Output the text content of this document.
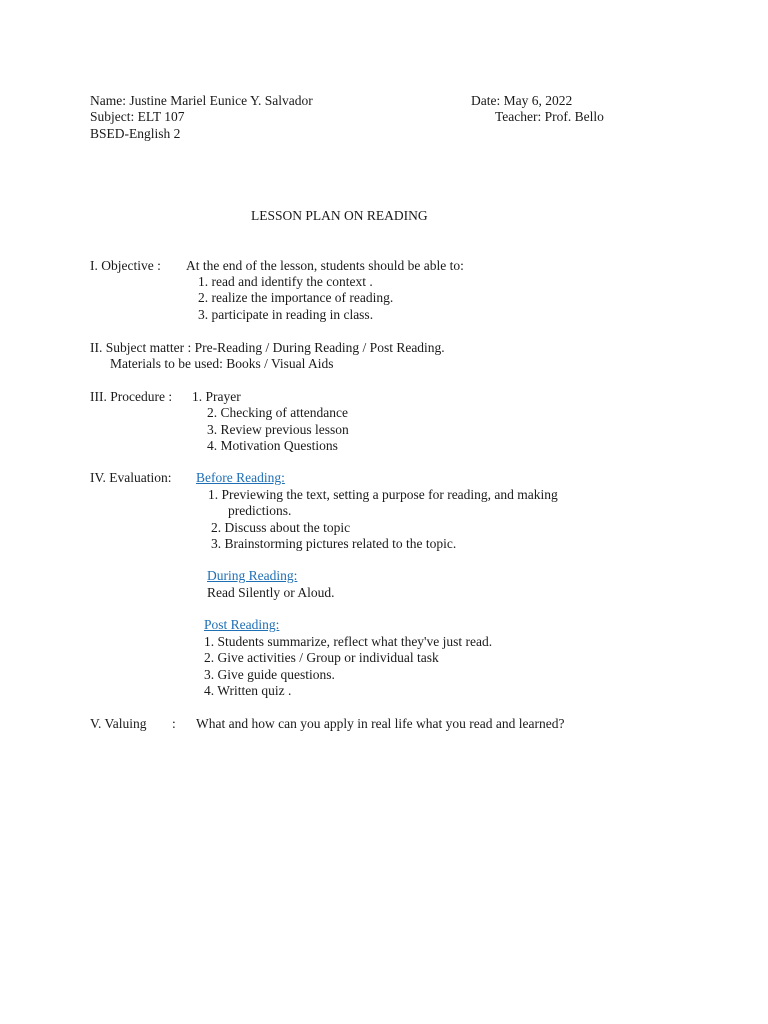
Name: Justine Mariel Eunice Y. Salvador	Date: May 6, 2022
Subject: ELT 107	Teacher: Prof. Bello
BSED-English 2
LESSON PLAN ON READING
I. Objective : At the end of the lesson, students should be able to:
1. read and identify the context .
2. realize the importance of reading.
3. participate in reading in class.
II. Subject matter : Pre-Reading / During Reading / Post Reading.
Materials to be used: Books / Visual Aids
III. Procedure : 1. Prayer
2. Checking of attendance
3. Review previous lesson
4. Motivation Questions
IV. Evaluation: Before Reading:
1. Previewing the text, setting a purpose for reading, and making
predictions.
2. Discuss about the topic
3. Brainstorming pictures related to the topic.
During Reading:
Read Silently or Aloud.
Post Reading:
1. Students summarize, reflect what they've just read.
2. Give activities / Group or individual task
3. Give guide questions.
4. Written quiz .
V. Valuing : What and how can you apply in real life what you read and learned?
